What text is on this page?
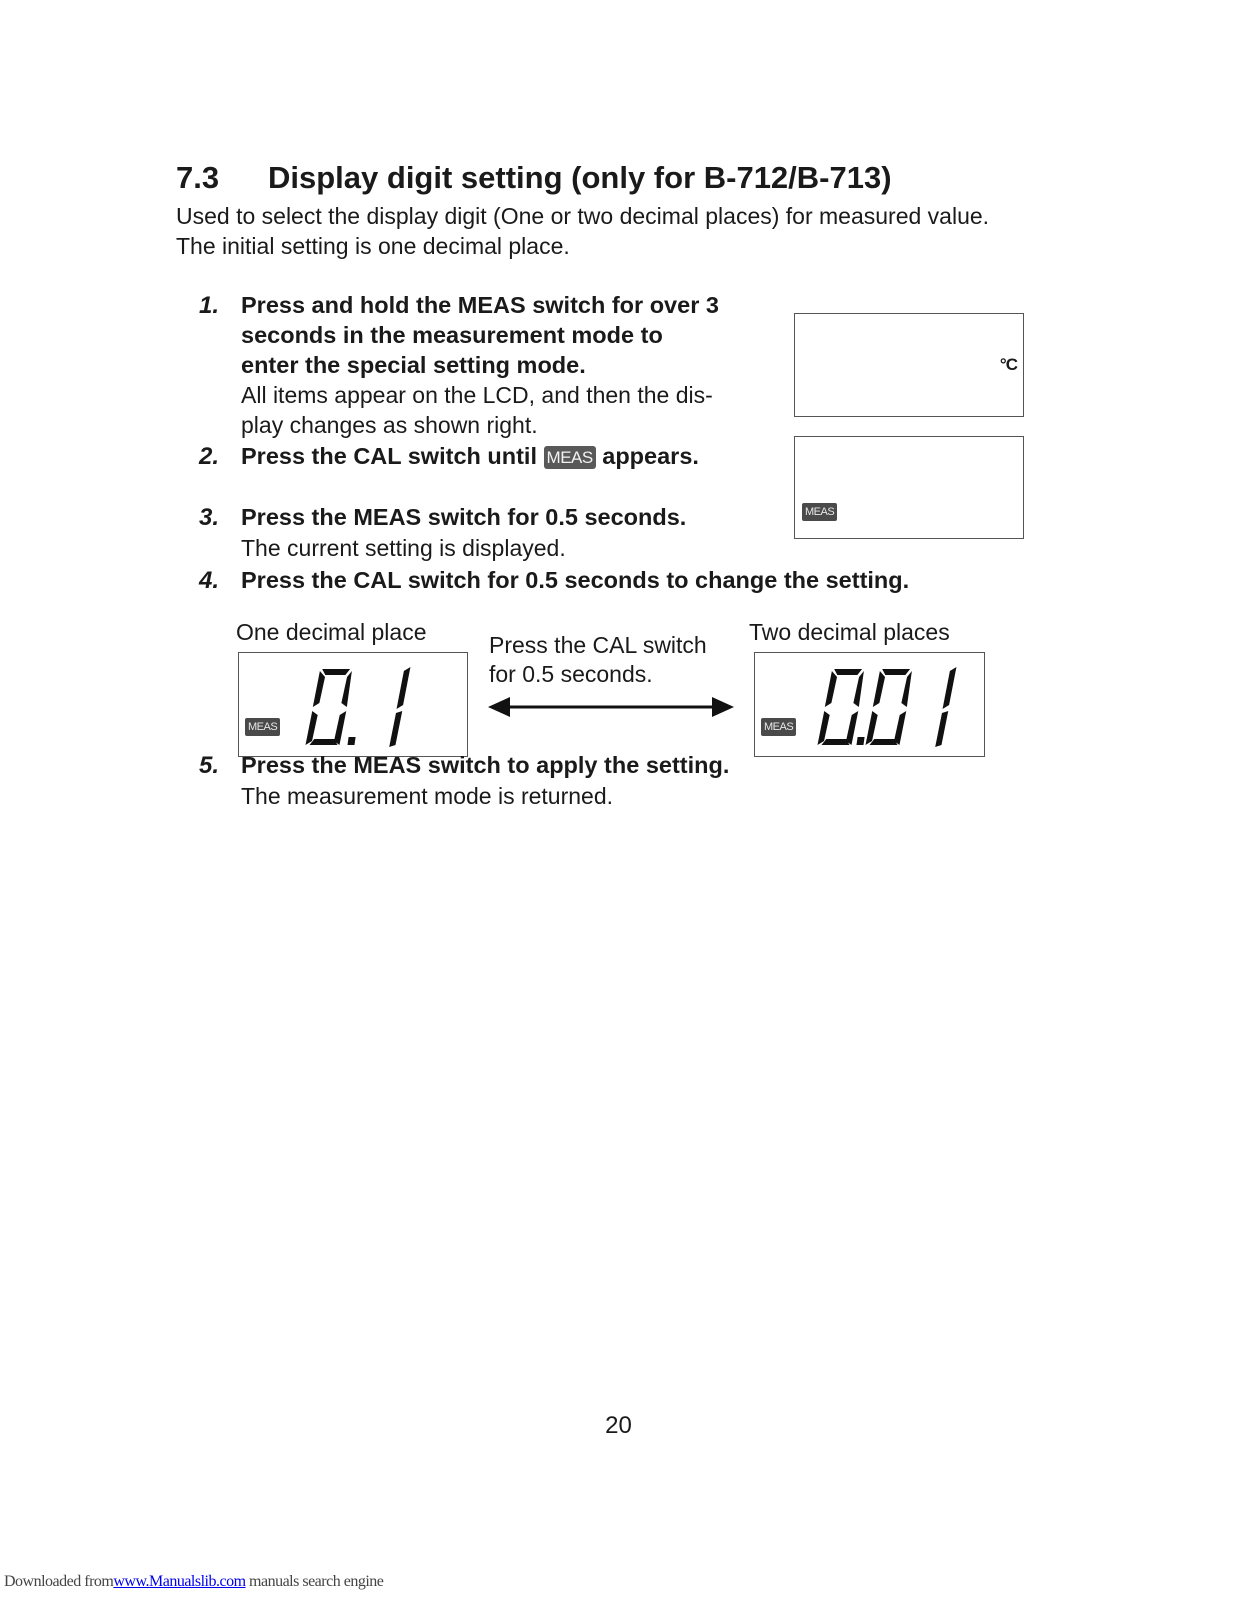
7.3 Display digit setting (only for B-712/B-713)

Used to select the display digit (One or two decimal places) for measured value.

The initial setting is one decimal place.

1. Press and hold the MEAS switch for over 3
seconds in the measurement mode to
enter the special setting mode.
All items appear on the LCD, and then the dis-
play changes as shown right.
2. Press the CAL switch until MEAS appears.
3. Press the MEAS switch for 0.5 seconds.
The current setting is displayed.
4. Press the CAL switch for 0.5 seconds to change the setting.
°C
MEAS
One decimal place	Two decimal places
Press the CAL switch
for 0.5 seconds.
MEAS	MEAS
5. Press the MEAS switch to apply the setting.
The measurement mode is returned.
20
Downloaded fromwww.Manualslib.com manuals search engine
